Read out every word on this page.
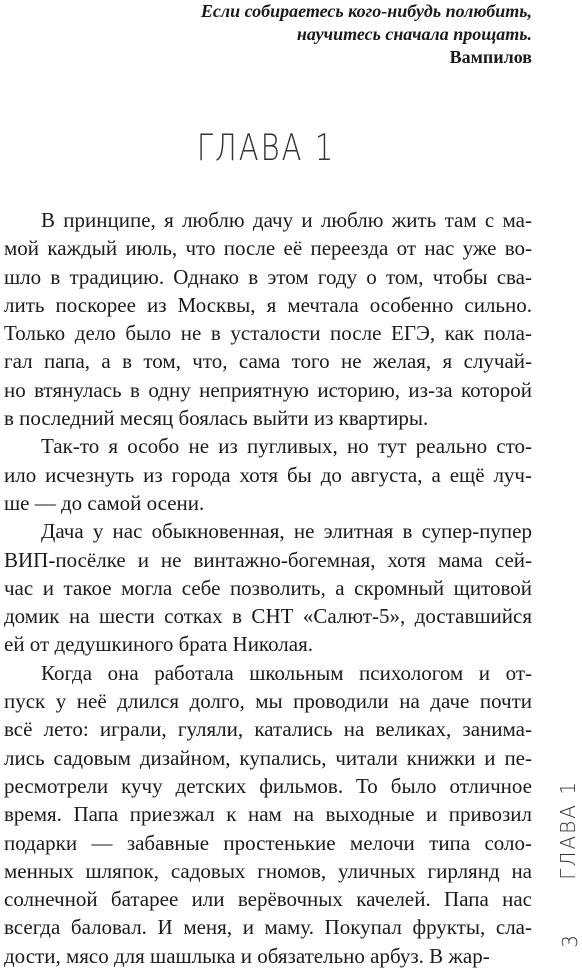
Если собираетесь кого-нибудь полюбить,
научитесь сначала прощать.
Вампилов
ГЛАВА 1
В принципе, я люблю дачу и люблю жить там с ма-
мой каждый июль, что после её переезда от нас уже во-
шло в традицию. Однако в этом году о том, чтобы сва-
лить поскорее из Москвы, я мечтала особенно сильно.
Только дело было не в усталости после ЕГЭ, как пола-
гал папа, а в том, что, сама того не желая, я случай-
но втянулась в одну неприятную историю, из-за которой
в последний месяц боялась выйти из квартиры.
Так-то я особо не из пугливых, но тут реально сто-
ило исчезнуть из города хотя бы до августа, а ещё луч-
ше — до самой осени.
Дача у нас обыкновенная, не элитная в супер-пупер
ВИП-посёлке и не винтажно-богемная, хотя мама сей-
час и такое могла себе позволить, а скромный щитовой
домик на шести сотках в СНТ «Салют-5», доставшийся
ей от дедушкиного брата Николая.
Когда она работала школьным психологом и от-
пуск у неё длился долго, мы проводили на даче почти
всё лето: играли, гуляли, катались на великах, занима-
лись садовым дизайном, купались, читали книжки и пе-
ресмотрели кучу детских фильмов. То было отличное
время. Папа приезжал к нам на выходные и привозил
подарки — забавные простенькие мелочи типа соло-
менных шляпок, садовых гномов, уличных гирлянд на
солнечной батарее или верёвочных качелей. Папа нас
всегда баловал. И меня, и маму. Покупал фрукты, сла-
дости, мясо для шашлыка и обязательно арбуз. В жар-
ГЛАВА 1
3
